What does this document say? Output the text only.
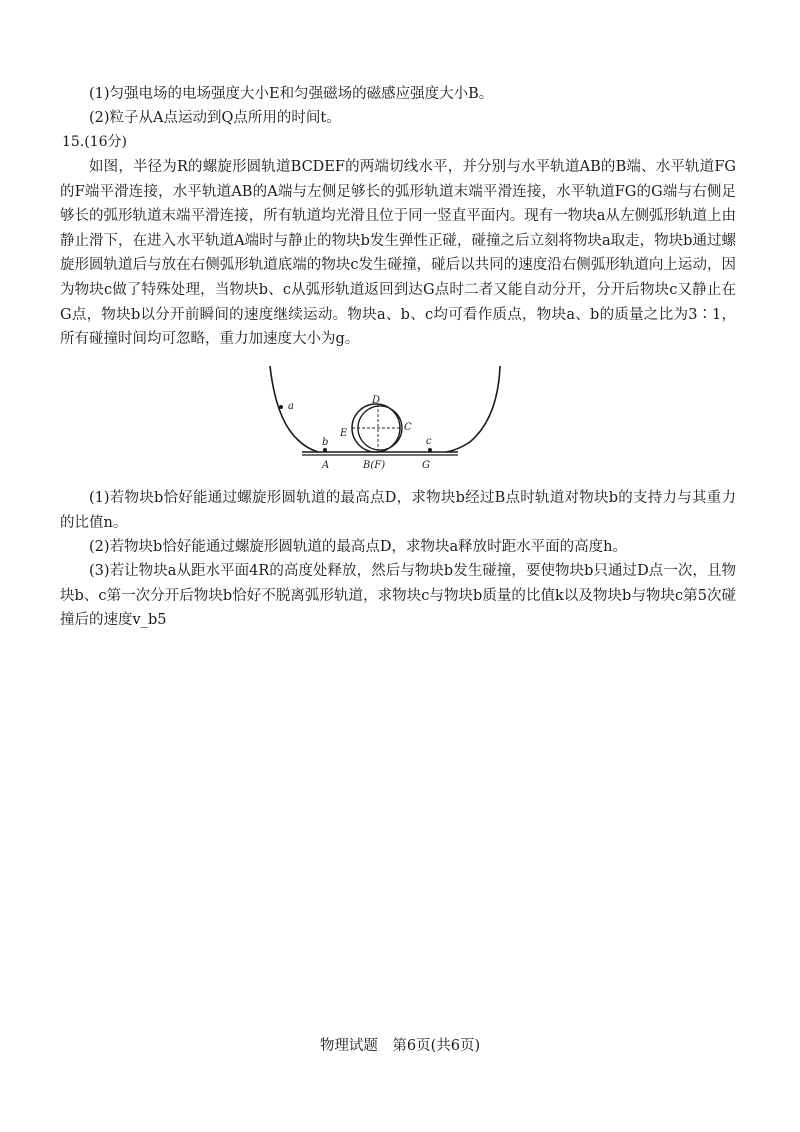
(1)匀强电场的电场强度大小E和匀强磁场的磁感应强度大小B。

(2)粒子从A点运动到Q点所用的时间t。

15.(16分)

如图，半径为R的螺旋形圆轨道BCDEF的两端切线水平，并分别与水平轨道AB的B端、水平轨道FG的F端平滑连接，水平轨道AB的A端与左侧足够长的弧形轨道末端平滑连接，水平轨道FG的G端与右侧足够长的弧形轨道末端平滑连接，所有轨道均光滑且位于同一竖直平面内。现有一物块a从左侧弧形轨道上由静止滑下，在进入水平轨道A端时与静止的物块b发生弹性正碰，碰撞之后立刻将物块a取走，物块b通过螺旋形圆轨道后与放在右侧弧形轨道底端的物块c发生碰撞，碰后以共同的速度沿右侧弧形轨道向上运动，因为物块c做了特殊处理，当物块b、c从弧形轨道返回到达G点时二者又能自动分开，分开后物块c又静止在G点，物块b以分开前瞬间的速度继续运动。物块a、b、c均可看作质点，物块a、b的质量之比为3∶1，所有碰撞时间均可忽略，重力加速度大小为g。

a
D
E
C
b	c
A	B(F)	G

(1)若物块b恰好能通过螺旋形圆轨道的最高点D，求物块b经过B点时轨道对物块b的支持力与其重力的比值n。

(2)若物块b恰好能通过螺旋形圆轨道的最高点D，求物块a释放时距水平面的高度h。

(3)若让物块a从距水平面4R的高度处释放，然后与物块b发生碰撞，要使物块b只通过D点一次，且物块b、c第一次分开后物块b恰好不脱离弧形轨道，求物块c与物块b质量的比值k以及物块b与物块c第5次碰撞后的速度v_b5

物理试题　第6页(共6页)
